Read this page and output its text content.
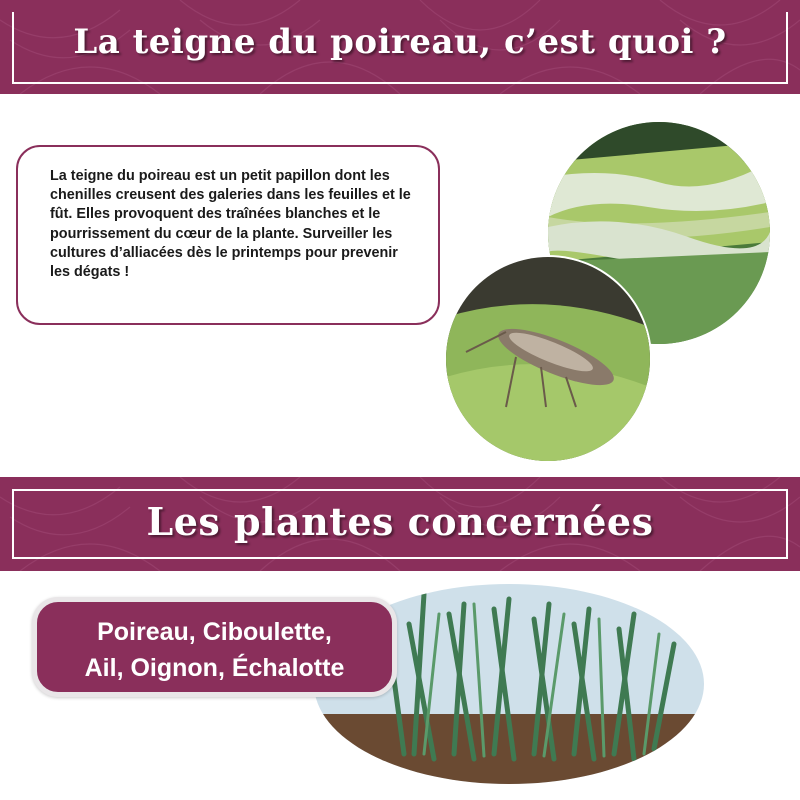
La teigne du poireau, c’est quoi ?

La teigne du poireau est un petit papillon dont les chenilles creusent des galeries dans les feuilles et le fût. Elles provoquent des traînées blanches et le pourrissement du cœur de la plante. Surveiller les cultures d’alliacées dès le printemps pour prevenir les dégats !

Les plantes concernées
Poireau, Ciboulette,
Ail, Oignon, Échalotte
